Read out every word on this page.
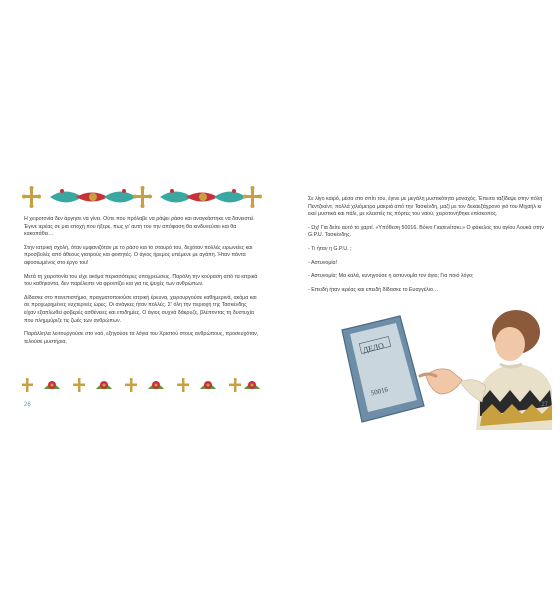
Η χειροτονία δεν άργησε να γίνει. Ούτε που πρόλαβε να ράψει ράσο και αναγκάστηκε να δανειστεί. Έγινε ιερέας σε μια εποχή που ήξερε, πως γι' αυτή του την απόφαση θα κινδυνεύσει και θα κακοπάθει…

Στην ιατρική σχολή, όταν εμφανιζόταν με το ράσο και το σταυρό του, δεχόταν πολλές ειρωνείες και προσβολές από άθεους γιατρούς και φοιτητές. Ο άγιος ήρεμος υπέμενε με αγάπη. Ήταν πάντα αφοσιωμένος στο έργο του!

Μετά τη χειροτονία του είχε ακόμα περισσότερες υποχρεώσεις. Παρόλη την κούραση από τα ιατρικά του καθήκοντα, δεν παρέλειπε να φροντίζει και για τις ψυχές των ανθρώπων.

Δίδασκε στο πανεπιστήμιο, πραγματοποιούσε ιατρική έρευνα, χειρουργούσε καθημερινά, ακόμα και σε προχωρημένες νυχτερινές ώρες. Οι ανάγκες ήταν πολλές. Σ' όλη την περιοχή της Τασκένδης είχαν εξαπλωθεί φοβερές ασθένειες και επιδημίες. Ο άγιος συχνά δάκρυζε, βλέποντας τη δυστυχία που πλημμύριζε τις ζωές των ανθρώπων.

Παράλληλα λειτουργούσε στο ναό, εξηγούσε τα λόγια του Χριστού στους ανθρώπους, προσευχόταν, τελούσε μυστήρια.

26

Σε λίγο καιρό, μέσα στο σπίτι του, έγινε με μεγάλη μυστικότητα μοναχός. Έπειτα ταξίδεψε στην πόλη Πεντζικέντ, πολλά χιλιόμετρα μακριά από την Τασκένδη, μαζί με τον δεκαεξάχρονο γιό του Μιχαήλ κι εκεί μυστικά και πάλι, με κλειστές τις πόρτες του ναού, χειροτονήθηκε επίσκοπος.

- Ωχ! Για δείτε αυτό το χαρτί. «Υπόθεση 50016. Βόινο Γιασενέτσκι.» Ο φάκελος του αγίου Λουκά στην G.P.U. Τασκένδης.

- Τι ήταν η G.P.U. ;

- Αστυνομία!

- Αστυνομία; Μα καλά, κυνηγούσε η αστυνομία τον άγιο; Για ποιό λόγο;

- Επειδή ήταν ιερέας και επειδή δίδασκε το Ευαγγέλιο…

ДЕЛО
50016
27
